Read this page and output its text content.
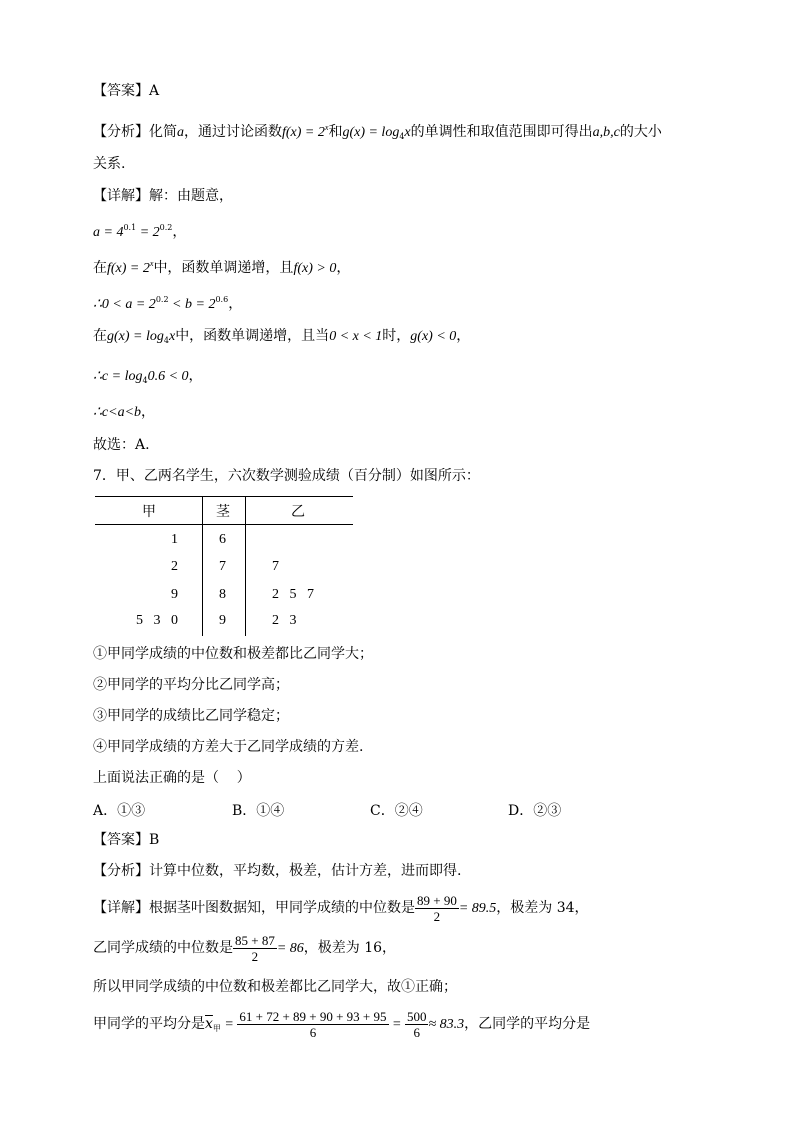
【答案】A
【分析】化简a，通过讨论函数$f(x) = 2^x$和$g(x) = \log_4x$的单调性和取值范围即可得出a,b,c的大小
关系.
【详解】解：由题意，
$a = 4^{0.1} = 2^{0.2}$，
在$f(x) = 2^x$中，函数单调递增，且f(x) > 0，
∴0 < $a = 2^{0.2} < b = 2^{0.6}$，
在$g(x) = \log_4x$中，函数单调递增，且当0 < x < 1时，g(x) < 0，
∴c = $\log_40.6 < 0$，
∴c<a<b，
故选：A.
7．甲、乙两名学生，六次数学测验成绩（百分制）如图所示：
甲	茎	乙
1	6
2	7	7
9	8	2   5   7
5   3   0	9	2   3
①甲同学成绩的中位数和极差都比乙同学大；
②甲同学的平均分比乙同学高；
③甲同学的成绩比乙同学稳定；
④甲同学成绩的方差大于乙同学成绩的方差.
上面说法正确的是（    ）
A．①③	B．①④	C．②④	D．②③
【答案】B
【分析】计算中位数，平均数，极差，估计方差，进而即得.
【详解】根据茎叶图数据知，甲同学成绩的中位数是 $\frac{89 + 90}{2} = 89.5$，极差为 34，
乙同学成绩的中位数是 $\frac{85 + 87}{2} = 86$，极差为 16，
所以甲同学成绩的中位数和极差都比乙同学大，故①正确；
甲同学的平均分是$\overline{x}_甲 = \frac{61 + 72 + 89 + 90 + 93 + 95}{6} = \frac{500}{6} \approx 83.3$，乙同学的平均分是
